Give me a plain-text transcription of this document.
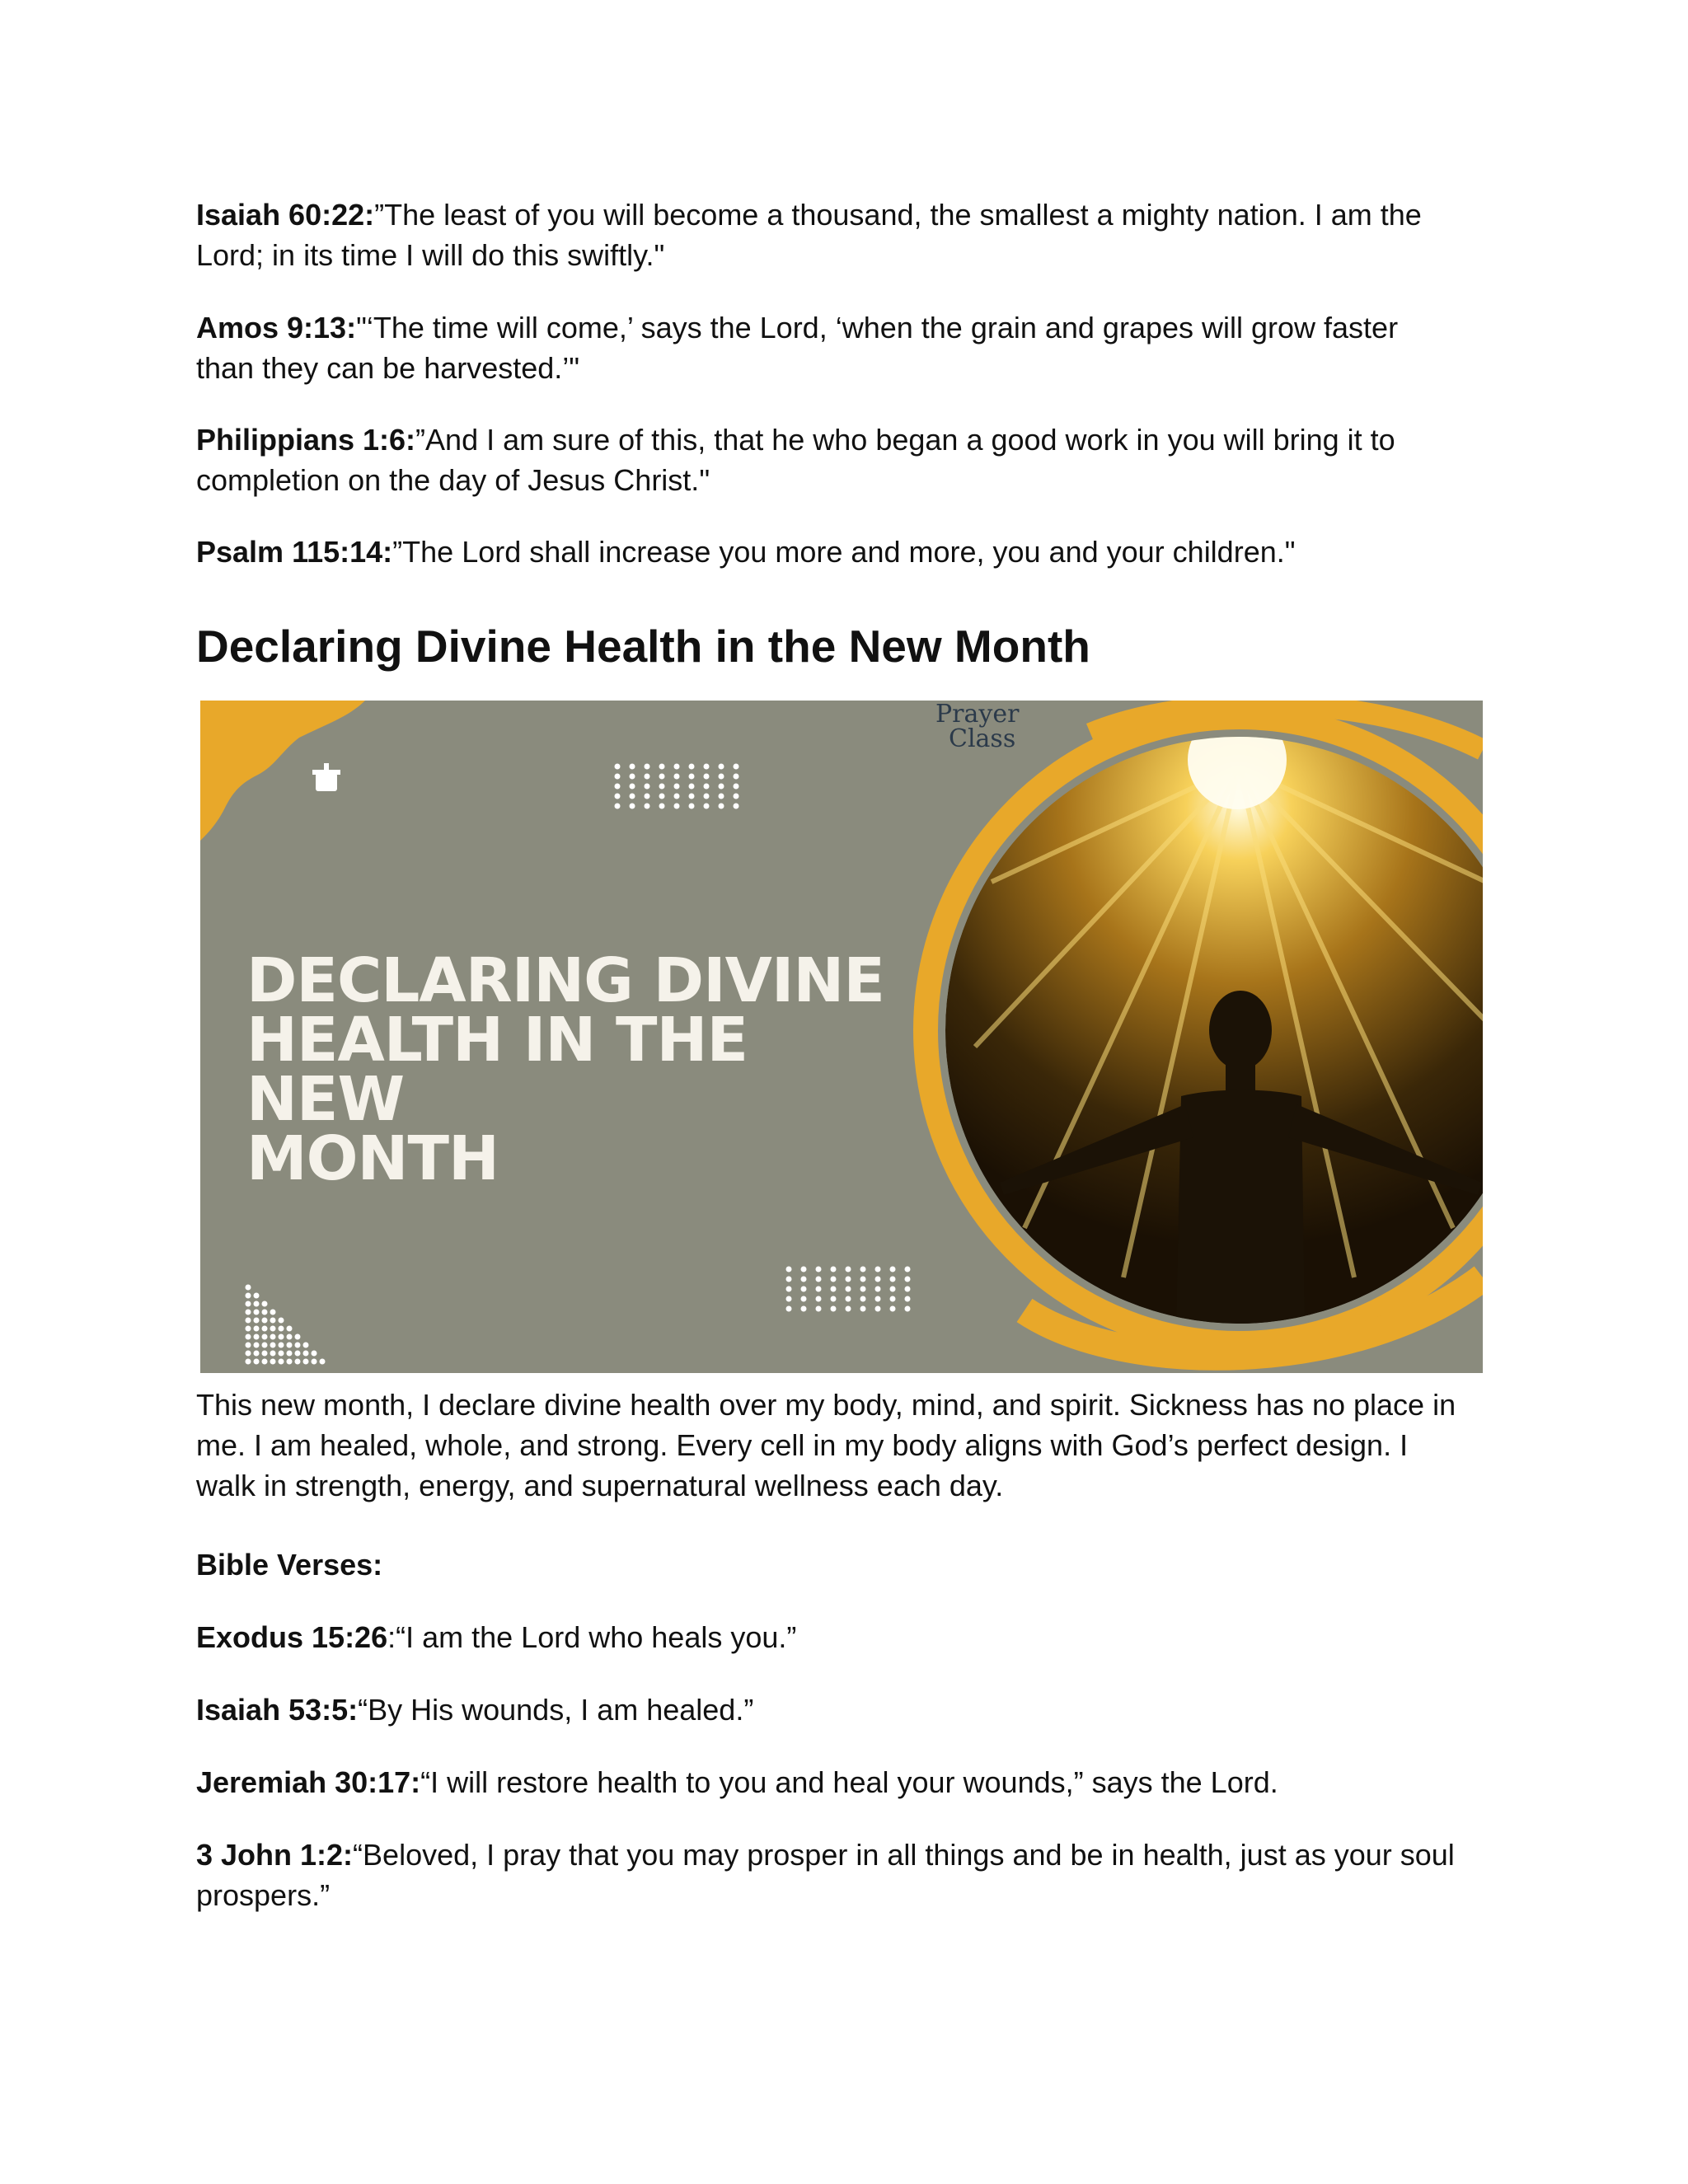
Isaiah 60:22:”The least of you will become a thousand, the smallest a mighty nation. I am the
Lord; in its time I will do this swiftly."

Amos 9:13:"‘The time will come,’ says the Lord, ‘when the grain and grapes will grow faster
than they can be harvested.’"

Philippians 1:6:”And I am sure of this, that he who began a good work in you will bring it to
completion on the day of Jesus Christ."

Psalm 115:14:”The Lord shall increase you more and more, you and your children."

Declaring Divine Health in the New Month

This new month, I declare divine health over my body, mind, and spirit. Sickness has no place in
me. I am healed, whole, and strong. Every cell in my body aligns with God’s perfect design. I
walk in strength, energy, and supernatural wellness each day.

Bible Verses:

Exodus 15:26:“I am the Lord who heals you.”

Isaiah 53:5:“By His wounds, I am healed.”

Jeremiah 30:17:“I will restore health to you and heal your wounds,” says the Lord.

3 John 1:2:“Beloved, I pray that you may prosper in all things and be in health, just as your soul
prospers.”

Prayer
Class
DECLARING DIVINE
HEALTH IN THE NEW
MONTH
